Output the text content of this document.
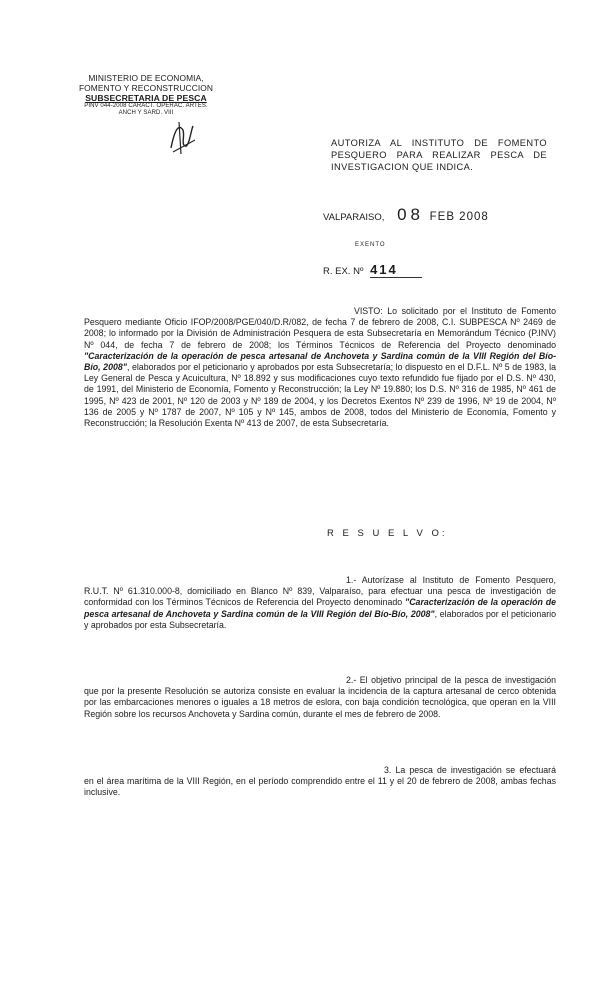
MINISTERIO DE ECONOMIA,
FOMENTO Y RECONSTRUCCION
SUBSECRETARIA DE PESCA
PINV 044-2008 CARACT. OPERAC. ARTES.
ANCH Y SARD. VIII
AUTORIZA AL INSTITUTO DE FOMENTO PESQUERO PARA REALIZAR PESCA DE INVESTIGACION QUE INDICA.
VALPARAISO, 08 FEB 2008
EXENTO
R. EX. Nº 414
VISTO: Lo solicitado por el Instituto de Fomento Pesquero mediante Oficio IFOP/2008/PGE/040/D.R/082, de fecha 7 de febrero de 2008, C.I. SUBPESCA Nº 2469 de 2008; lo informado por la División de Administración Pesquera de esta Subsecretaría en Memorándum Técnico (P.INV) Nº 044, de fecha 7 de febrero de 2008; los Términos Técnicos de Referencia del Proyecto denominado "Caracterización de la operación de pesca artesanal de Anchoveta y Sardina común de la VIII Región del Bío-Bío, 2008", elaborados por el peticionario y aprobados por esta Subsecretaría; lo dispuesto en el D.F.L. Nº 5 de 1983, la Ley General de Pesca y Acuicultura, Nº 18.892 y sus modificaciones cuyo texto refundido fue fijado por el D.S. Nº 430, de 1991, del Ministerio de Economía, Fomento y Reconstrucción; la Ley Nº 19.880; los D.S. Nº 316 de 1985, Nº 461 de 1995, Nº 423 de 2001, Nº 120 de 2003 y Nº 189 de 2004, y los Decretos Exentos Nº 239 de 1996, Nº 19 de 2004, Nº 136 de 2005 y Nº 1787 de 2007, Nº 105 y Nº 145, ambos de 2008, todos del Ministerio de Economía, Fomento y Reconstrucción; la Resolución Exenta Nº 413 de 2007, de esta Subsecretaría.
R E S U E L V O:
1.- Autorízase al Instituto de Fomento Pesquero, R.U.T. Nº 61.310.000-8, domiciliado en Blanco Nº 839, Valparaíso, para efectuar una pesca de investigación de conformidad con los Términos Técnicos de Referencia del Proyecto denominado "Caracterización de la operación de pesca artesanal de Anchoveta y Sardina común de la VIII Región del Bío-Bío, 2008", elaborados por el peticionario y aprobados por esta Subsecretaría.
2.- El objetivo principal de la pesca de investigación que por la presente Resolución se autoriza consiste en evaluar la incidencia de la captura artesanal de cerco obtenida por las embarcaciones menores o iguales a 18 metros de eslora, con baja condición tecnológica, que operan en la VIII Región sobre los recursos Anchoveta y Sardina común, durante el mes de febrero de 2008.
3. La pesca de investigación se efectuará en el área marítima de la VIII Región, en el período comprendido entre el 11 y el 20 de febrero de 2008, ambas fechas inclusive.
